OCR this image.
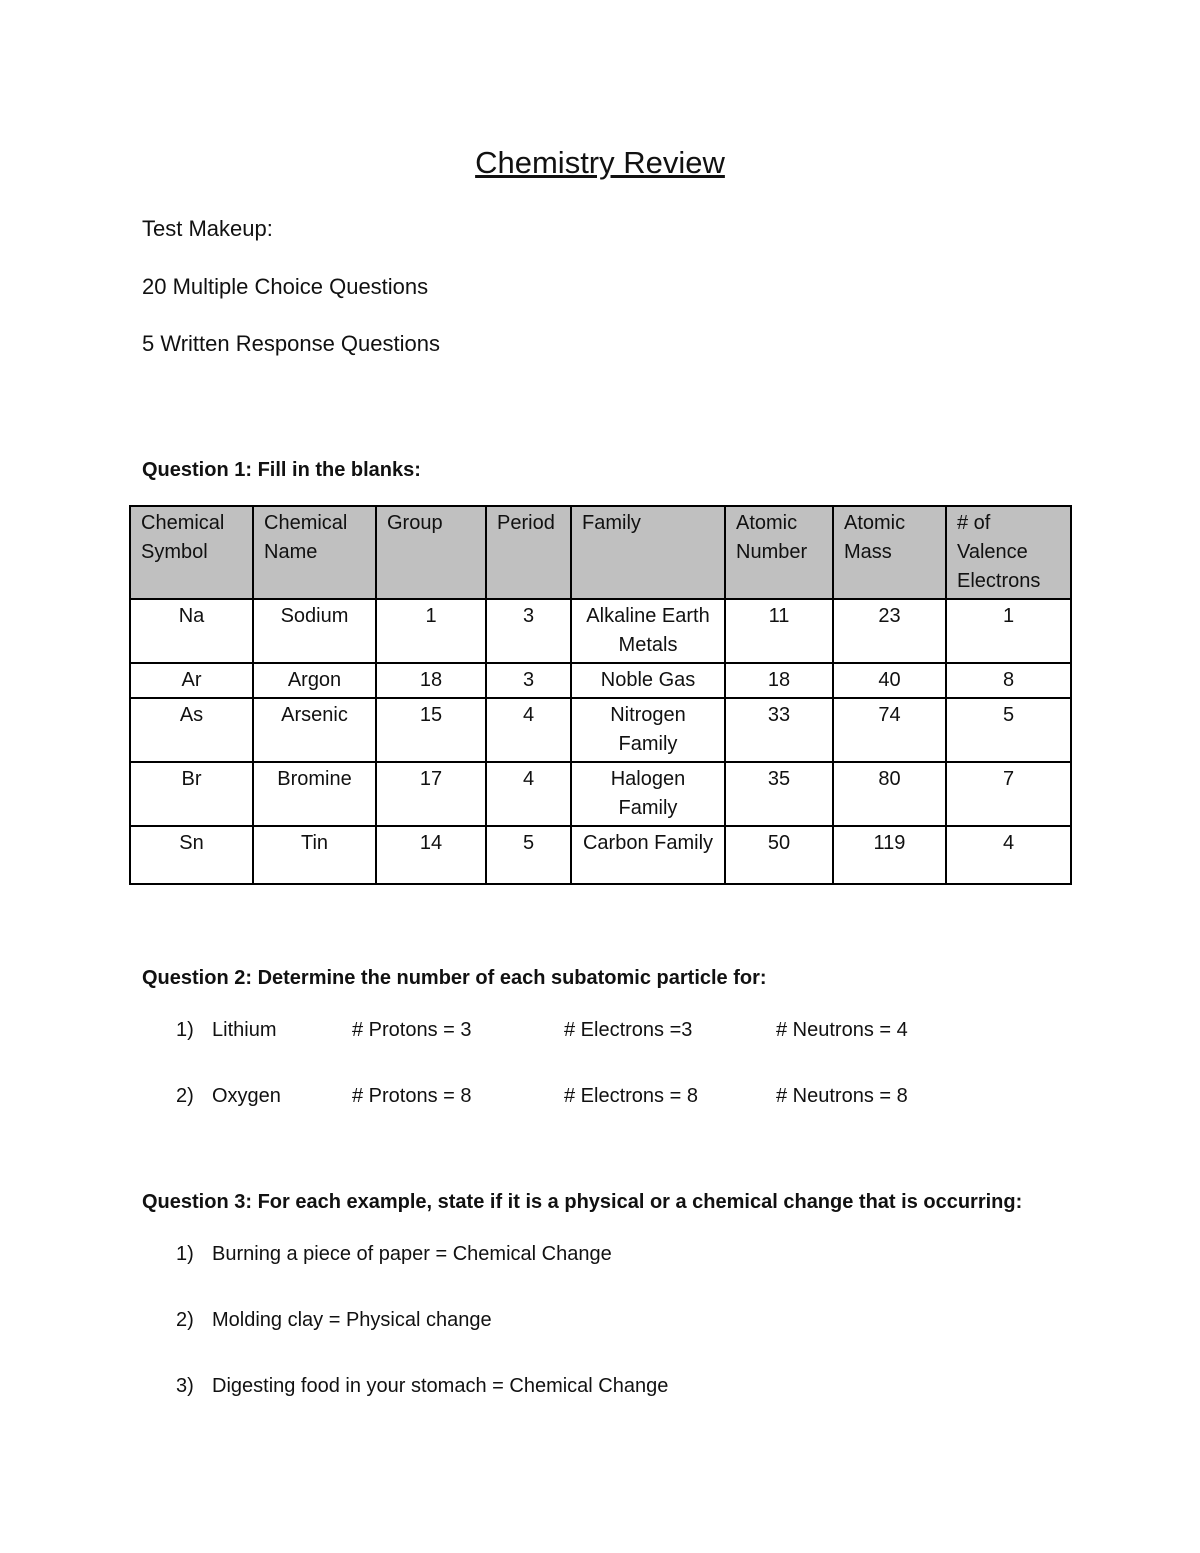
Chemistry Review
Test Makeup:
20 Multiple Choice Questions
5 Written Response Questions
Question 1: Fill in the blanks:
Chemical Symbol	Chemical Name	Group	Period	Family	Atomic Number	Atomic Mass	# of Valence Electrons
Na	Sodium	1	3	Alkaline Earth Metals	11	23	1
Ar	Argon	18	3	Noble Gas	18	40	8
As	Arsenic	15	4	Nitrogen Family	33	74	5
Br	Bromine	17	4	Halogen Family	35	80	7
Sn	Tin	14	5	Carbon Family	50	119	4
Question 2: Determine the number of each subatomic particle for:
1) Lithium	# Protons = 3	# Electrons =3	# Neutrons = 4
2) Oxygen	# Protons = 8	# Electrons = 8	# Neutrons = 8
Question 3: For each example, state if it is a physical or a chemical change that is occurring:
1) Burning a piece of paper = Chemical Change
2) Molding clay = Physical change
3) Digesting food in your stomach = Chemical Change
